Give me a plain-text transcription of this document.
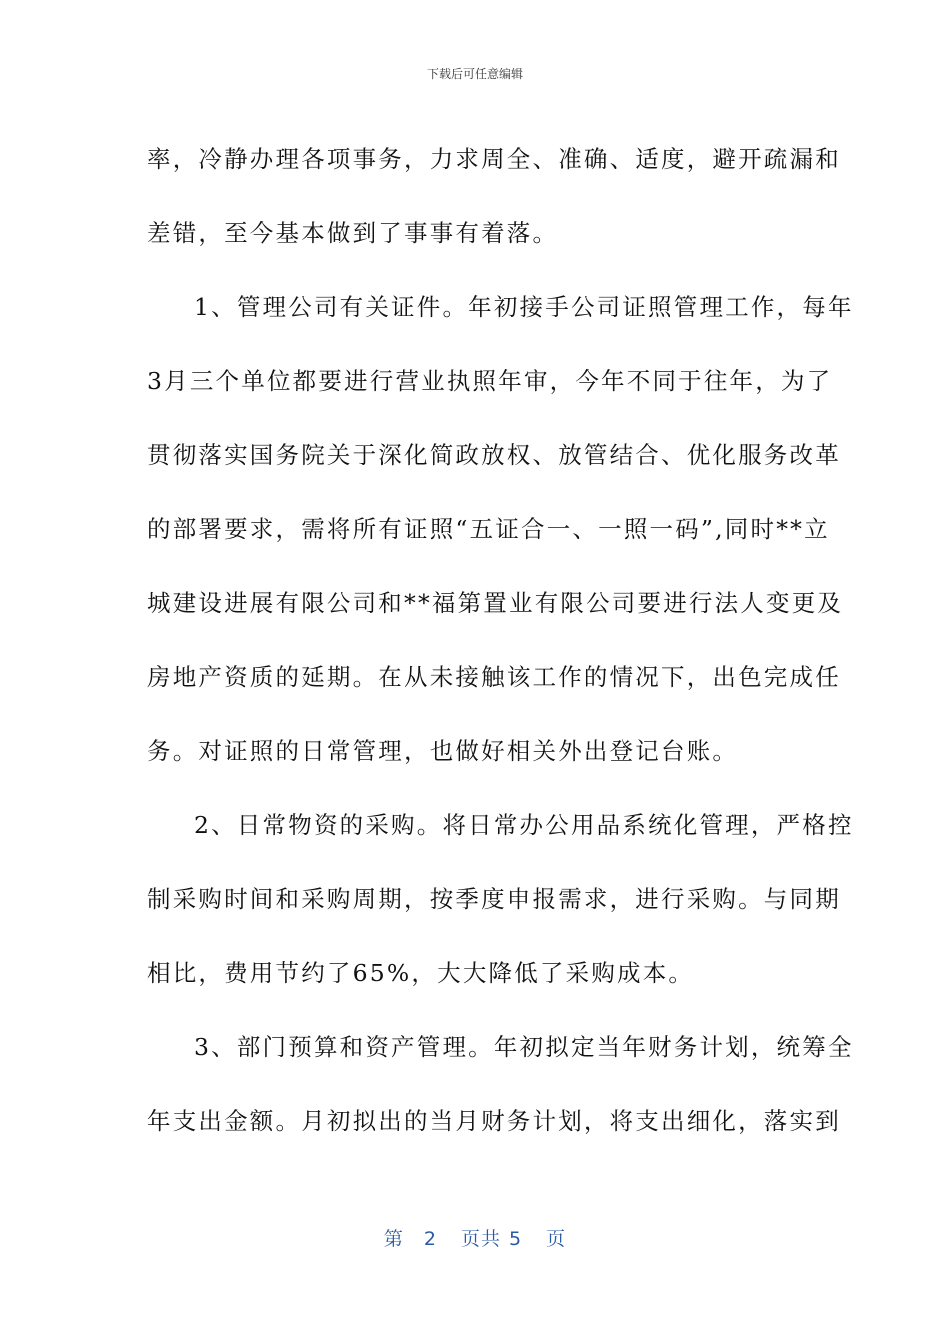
下载后可任意编辑
率，冷静办理各项事务，力求周全、准确、适度，避开疏漏和
差错，至今基本做到了事事有着落。
1、管理公司有关证件。年初接手公司证照管理工作，每年
3月三个单位都要进行营业执照年审，今年不同于往年，为了
贯彻落实国务院关于深化简政放权、放管结合、优化服务改革
的部署要求，需将所有证照“五证合一、一照一码”,同时**立
城建设进展有限公司和**福第置业有限公司要进行法人变更及
房地产资质的延期。在从未接触该工作的情况下，出色完成任
务。对证照的日常管理，也做好相关外出登记台账。
2、日常物资的采购。将日常办公用品系统化管理，严格控
制采购时间和采购周期，按季度申报需求，进行采购。与同期
相比，费用节约了65%，大大降低了采购成本。
3、部门预算和资产管理。年初拟定当年财务计划，统筹全
年支出金额。月初拟出的当月财务计划，将支出细化，落实到
第 2 页共 5 页
